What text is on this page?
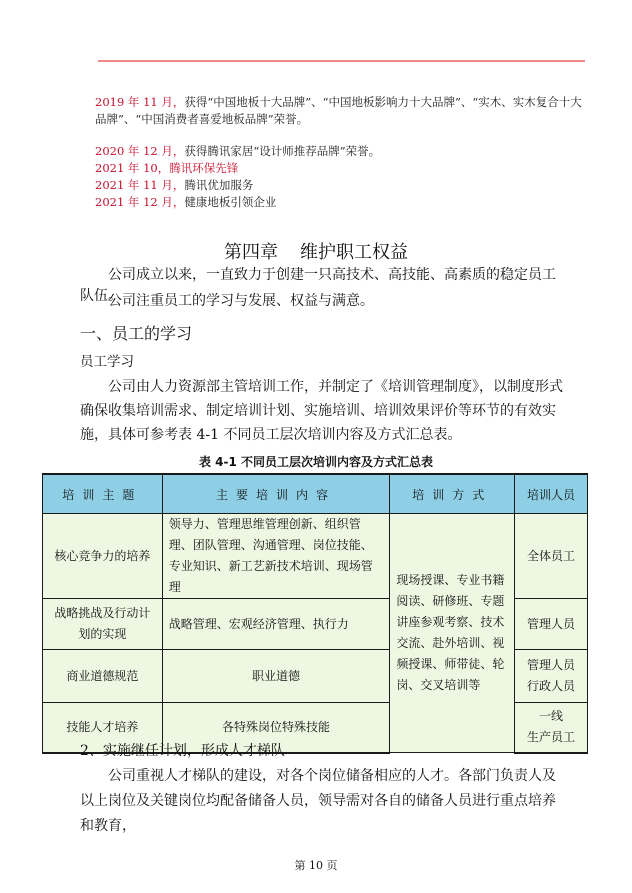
2019 年 11 月，获得“中国地板十大品牌”、“中国地板影响力十大品牌”、“实木、实木复合十大品牌”、“中国消费者喜爱地板品牌”荣誉。

2020 年 12 月，获得腾讯家居“设计师推荐品牌”荣誉。

2021 年 10，腾讯环保先锋

2021 年 11 月，腾讯优加服务

2021 年 12 月，健康地板引领企业

第四章 维护职工权益
公司成立以来，一直致力于创建一只高技术、高技能、高素质的稳定员工队伍。
公司注重员工的学习与发展、权益与满意。
一、员工的学习
员工学习
公司由人力资源部主管培训工作，并制定了《培训管理制度》，以制度形式确保收集培训需求、制定培训计划、实施培训、培训效果评价等环节的有效实施，具体可参考表 4-1 不同员工层次培训内容及方式汇总表。
表 4-1 不同员工层次培训内容及方式汇总表
培训主题	主要培训内容	培训方式	培训人员
核心竞争力的培养	领导力、管理思维管理创新、组织管理、团队管理、沟通管理、岗位技能、专业知识、新工艺新技术培训、现场管理	现场授课、专业书籍阅读、研修班、专题讲座参观考察、技术交流、赴外培训、视频授课、师带徒、轮岗、交叉培训等	全体员工
战略挑战及行动计划的实现	战略管理、宏观经济管理、执行力		管理人员
商业道德规范	职业道德		管理人员
行政人员
技能人才培养	各特殊岗位特殊技能		一线
生产员工
2、实施继任计划，形成人才梯队
公司重视人才梯队的建设，对各个岗位储备相应的人才。各部门负责人及以上岗位及关键岗位均配备储备人员，领导需对各自的储备人员进行重点培养和教育，
第 10 页
